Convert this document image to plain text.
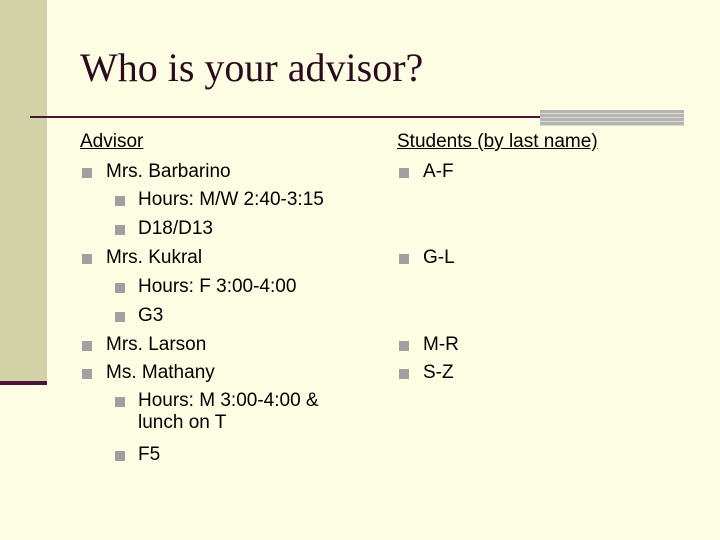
Who is your advisor?
Advisor
Mrs. Barbarino
Hours: M/W 2:40-3:15
D18/D13
Mrs. Kukral
Hours: F 3:00-4:00
G3
Mrs. Larson
Ms. Mathany
Hours: M 3:00-4:00 & lunch on T
F5
Students (by last name)
A-F
G-L
M-R
S-Z
